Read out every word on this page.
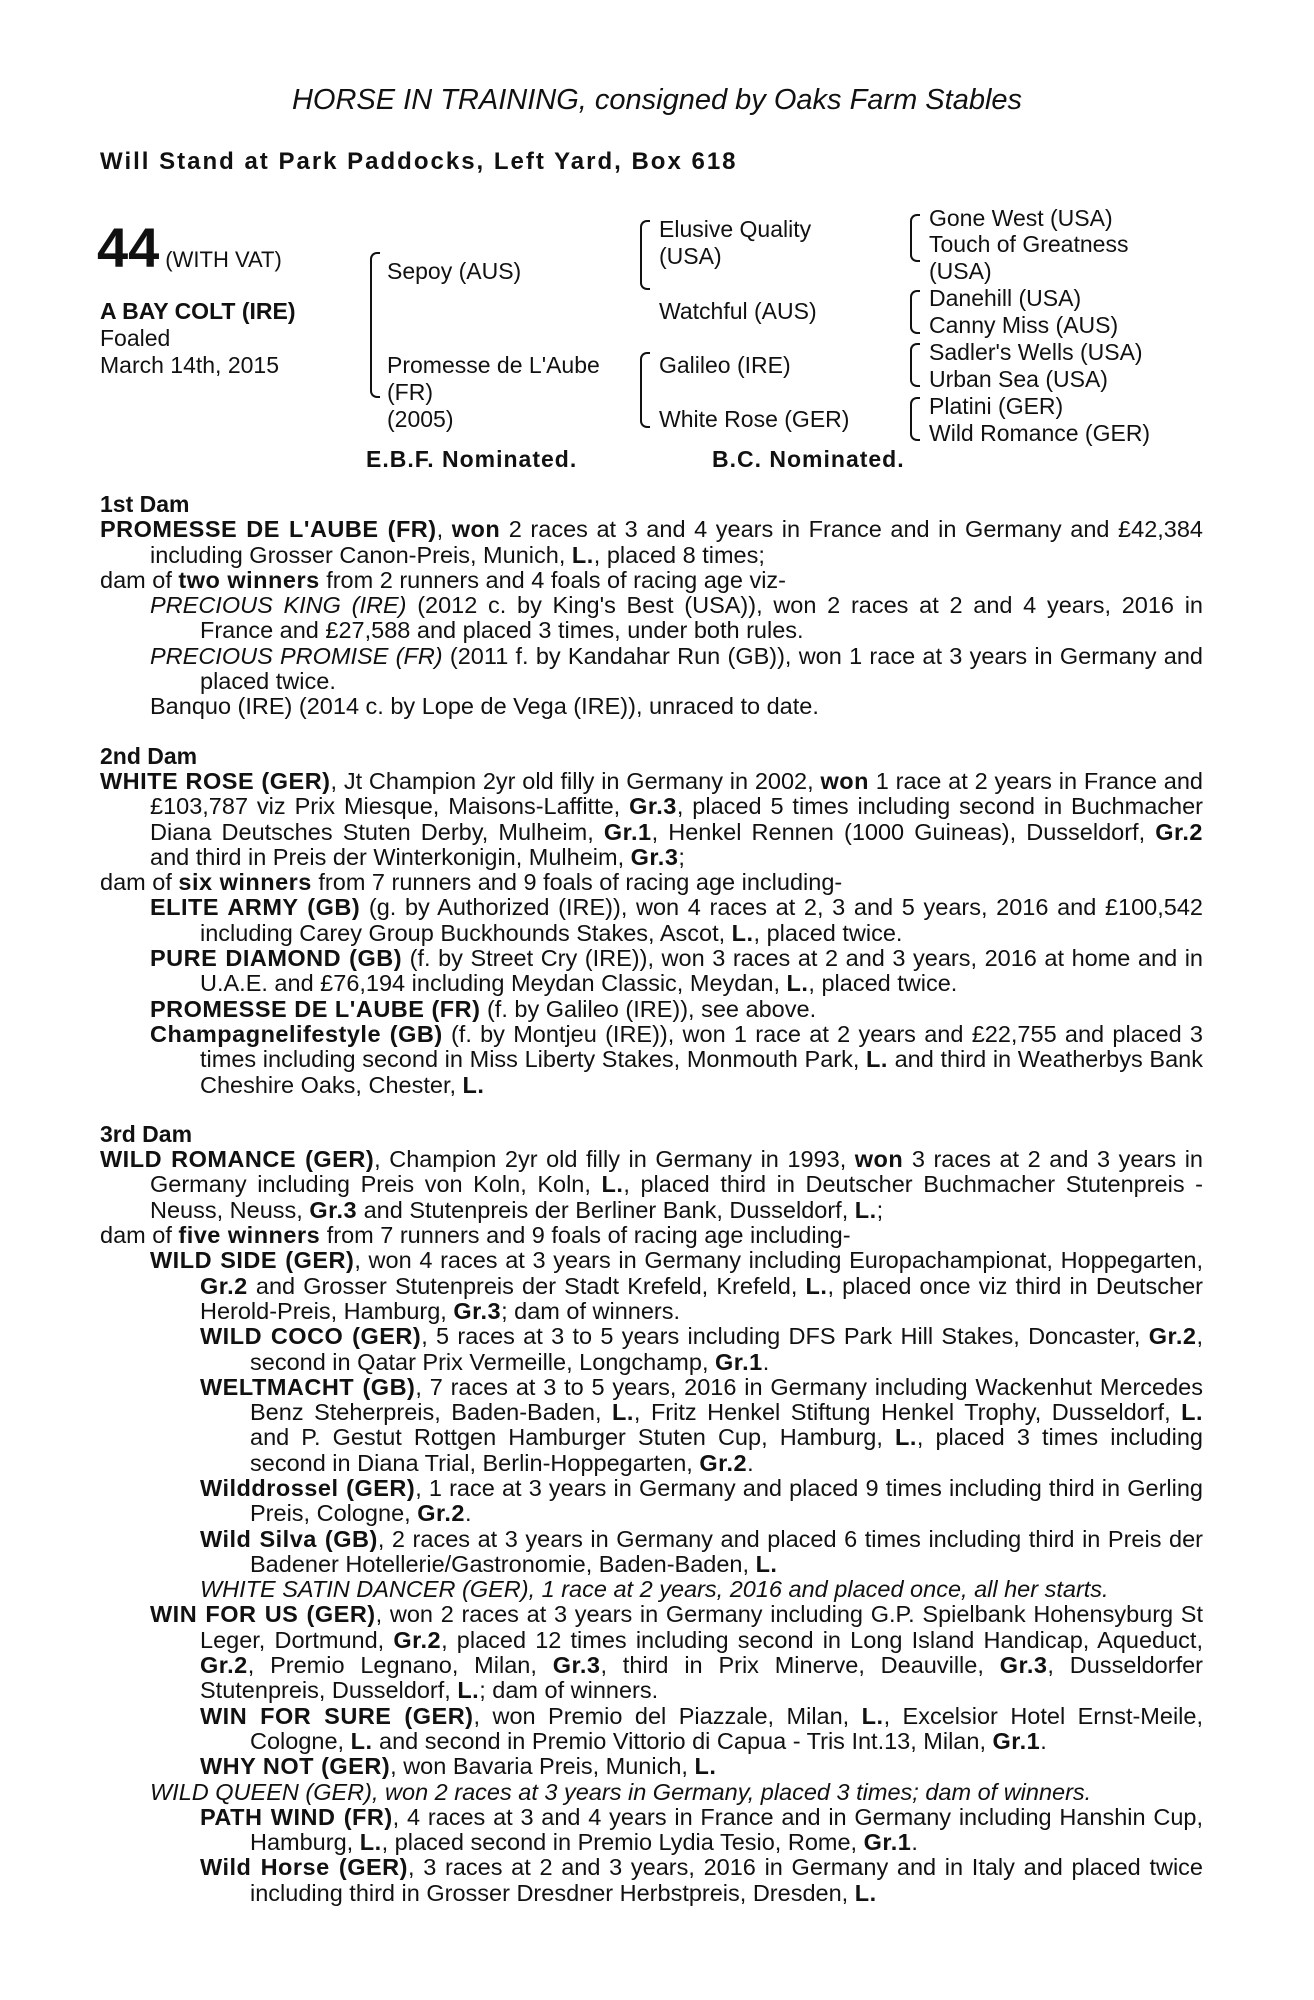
HORSE IN TRAINING, consigned by Oaks Farm Stables
Will Stand at Park Paddocks, Left Yard, Box 618
44 (WITH VAT)
A BAY COLT (IRE)
Foaled
March 14th, 2015
Sepoy (AUS)
Promesse de L'Aube
(FR)
(2005)
Elusive Quality
(USA)
Watchful (AUS)
Galileo (IRE)
White Rose (GER)
Gone West (USA)
Touch of Greatness
(USA)
Danehill (USA)
Canny Miss (AUS)
Sadler's Wells (USA)
Urban Sea (USA)
Platini (GER)
Wild Romance (GER)
E.B.F. Nominated.	B.C. Nominated.
1st Dam
PROMESSE DE L'AUBE (FR), won 2 races at 3 and 4 years in France and in Germany and £42,384 including Grosser Canon-Preis, Munich, L., placed 8 times;
dam of two winners from 2 runners and 4 foals of racing age viz-
PRECIOUS KING (IRE) (2012 c. by King's Best (USA)), won 2 races at 2 and 4 years, 2016 in France and £27,588 and placed 3 times, under both rules.
PRECIOUS PROMISE (FR) (2011 f. by Kandahar Run (GB)), won 1 race at 3 years in Germany and placed twice.
Banquo (IRE) (2014 c. by Lope de Vega (IRE)), unraced to date.
2nd Dam
WHITE ROSE (GER), Jt Champion 2yr old filly in Germany in 2002, won 1 race at 2 years in France and £103,787 viz Prix Miesque, Maisons-Laffitte, Gr.3, placed 5 times including second in Buchmacher Diana Deutsches Stuten Derby, Mulheim, Gr.1, Henkel Rennen (1000 Guineas), Dusseldorf, Gr.2 and third in Preis der Winterkonigin, Mulheim, Gr.3;
dam of six winners from 7 runners and 9 foals of racing age including-
ELITE ARMY (GB) (g. by Authorized (IRE)), won 4 races at 2, 3 and 5 years, 2016 and £100,542 including Carey Group Buckhounds Stakes, Ascot, L., placed twice.
PURE DIAMOND (GB) (f. by Street Cry (IRE)), won 3 races at 2 and 3 years, 2016 at home and in U.A.E. and £76,194 including Meydan Classic, Meydan, L., placed twice.
PROMESSE DE L'AUBE (FR) (f. by Galileo (IRE)), see above.
Champagnelifestyle (GB) (f. by Montjeu (IRE)), won 1 race at 2 years and £22,755 and placed 3 times including second in Miss Liberty Stakes, Monmouth Park, L. and third in Weatherbys Bank Cheshire Oaks, Chester, L.
3rd Dam
WILD ROMANCE (GER), Champion 2yr old filly in Germany in 1993, won 3 races at 2 and 3 years in Germany including Preis von Koln, Koln, L., placed third in Deutscher Buchmacher Stutenpreis - Neuss, Neuss, Gr.3 and Stutenpreis der Berliner Bank, Dusseldorf, L.;
dam of five winners from 7 runners and 9 foals of racing age including-
WILD SIDE (GER), won 4 races at 3 years in Germany including Europachampionat, Hoppegarten, Gr.2 and Grosser Stutenpreis der Stadt Krefeld, Krefeld, L., placed once viz third in Deutscher Herold-Preis, Hamburg, Gr.3; dam of winners.
WILD COCO (GER), 5 races at 3 to 5 years including DFS Park Hill Stakes, Doncaster, Gr.2, second in Qatar Prix Vermeille, Longchamp, Gr.1.
WELTMACHT (GB), 7 races at 3 to 5 years, 2016 in Germany including Wackenhut Mercedes Benz Steherpreis, Baden-Baden, L., Fritz Henkel Stiftung Henkel Trophy, Dusseldorf, L. and P. Gestut Rottgen Hamburger Stuten Cup, Hamburg, L., placed 3 times including second in Diana Trial, Berlin-Hoppegarten, Gr.2.
Wilddrossel (GER), 1 race at 3 years in Germany and placed 9 times including third in Gerling Preis, Cologne, Gr.2.
Wild Silva (GB), 2 races at 3 years in Germany and placed 6 times including third in Preis der Badener Hotellerie/Gastronomie, Baden-Baden, L.
WHITE SATIN DANCER (GER), 1 race at 2 years, 2016 and placed once, all her starts.
WIN FOR US (GER), won 2 races at 3 years in Germany including G.P. Spielbank Hohensyburg St Leger, Dortmund, Gr.2, placed 12 times including second in Long Island Handicap, Aqueduct, Gr.2, Premio Legnano, Milan, Gr.3, third in Prix Minerve, Deauville, Gr.3, Dusseldorfer Stutenpreis, Dusseldorf, L.; dam of winners.
WIN FOR SURE (GER), won Premio del Piazzale, Milan, L., Excelsior Hotel Ernst-Meile, Cologne, L. and second in Premio Vittorio di Capua - Tris Int.13, Milan, Gr.1.
WHY NOT (GER), won Bavaria Preis, Munich, L.
WILD QUEEN (GER), won 2 races at 3 years in Germany, placed 3 times; dam of winners.
PATH WIND (FR), 4 races at 3 and 4 years in France and in Germany including Hanshin Cup, Hamburg, L., placed second in Premio Lydia Tesio, Rome, Gr.1.
Wild Horse (GER), 3 races at 2 and 3 years, 2016 in Germany and in Italy and placed twice including third in Grosser Dresdner Herbstpreis, Dresden, L.
